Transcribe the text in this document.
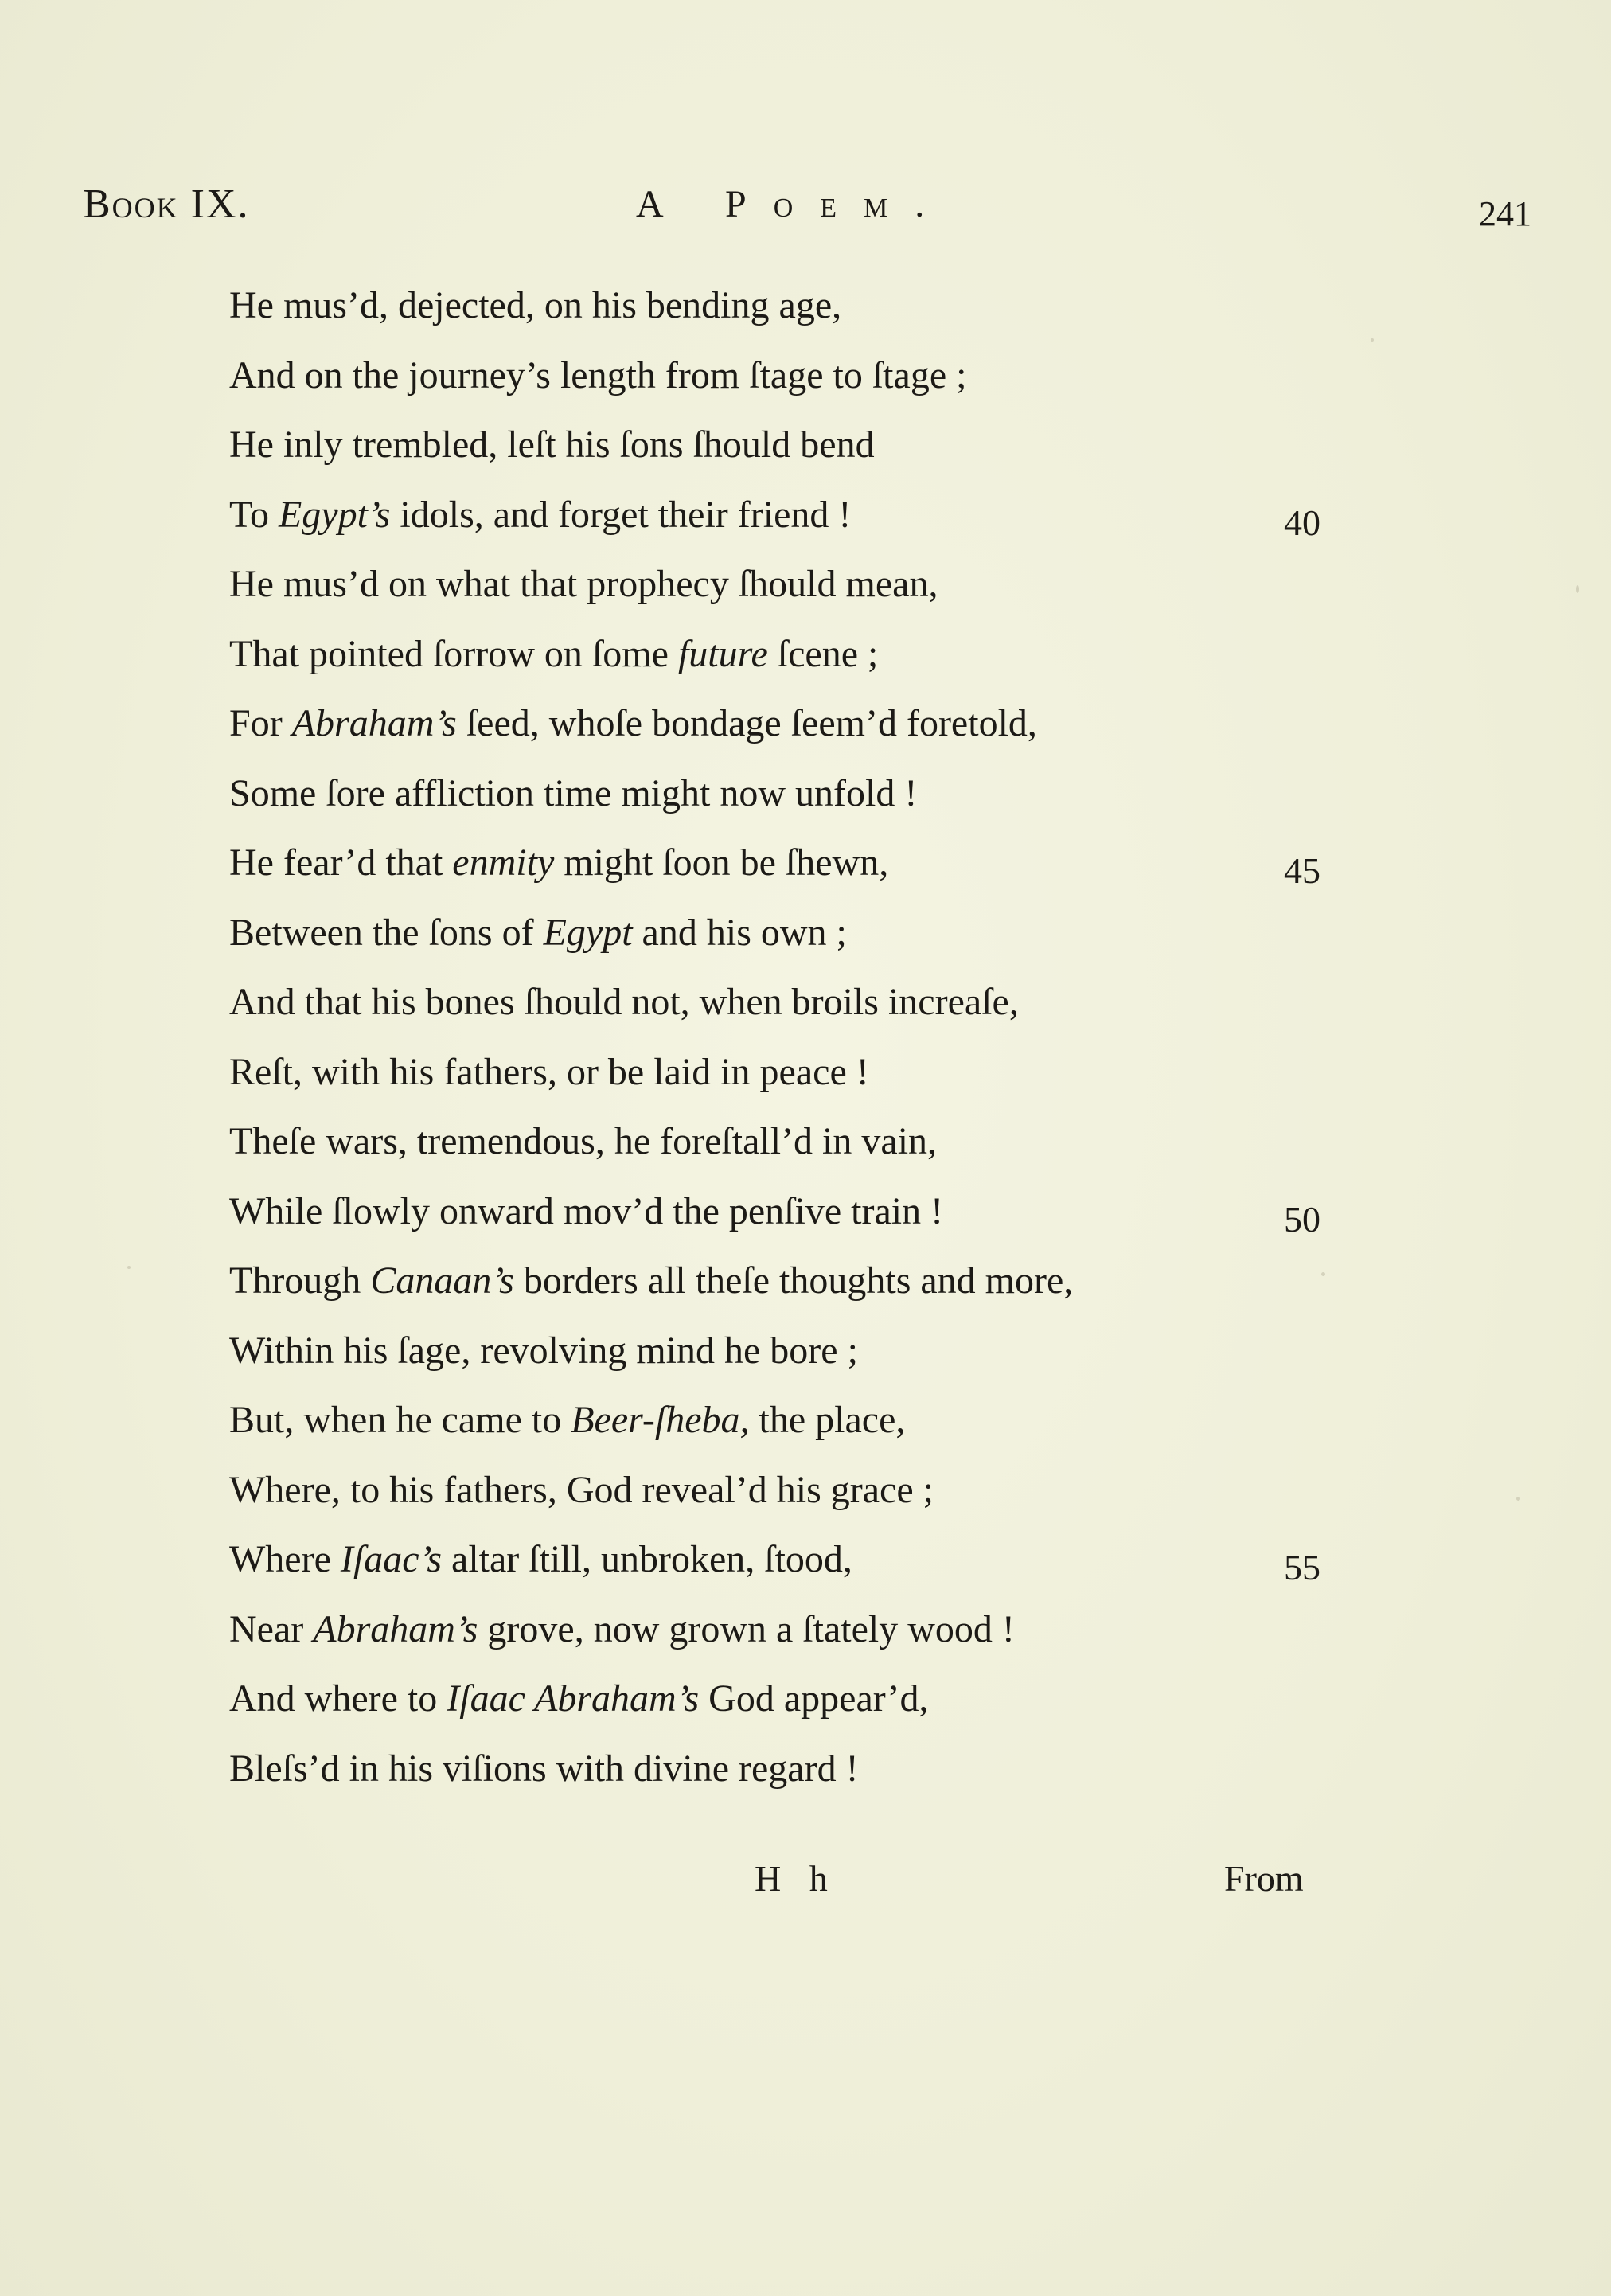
Book IX.	A Poem.	241
He mus’d, dejected, on his bending age,
And on the journey’s length from ſtage to ſtage ;
He inly trembled, leſt his ſons ſhould bend
To Egypt’s idols, and forget their friend !	40
He mus’d on what that prophecy ſhould mean,
That pointed ſorrow on ſome future ſcene ;
For Abraham’s ſeed, whoſe bondage ſeem’d foretold,
Some ſore affliction time might now unfold !
He fear’d that enmity might ſoon be ſhewn,	45
Between the ſons of Egypt and his own ;
And that his bones ſhould not, when broils increaſe,
Reſt, with his fathers, or be laid in peace !
Theſe wars, tremendous, he foreſtall’d in vain,
While ſlowly onward mov’d the penſive train !	50
Through Canaan’s borders all theſe thoughts and more,
Within his ſage, revolving mind he bore ;
But, when he came to Beer-ſheba, the place,
Where, to his fathers, God reveal’d his grace ;
Where Iſaac’s altar ſtill, unbroken, ſtood,	55
Near Abraham’s grove, now grown a ſtately wood !
And where to Iſaac Abraham’s God appear’d,
Bleſs’d in his viſions with divine regard !
H h	From
